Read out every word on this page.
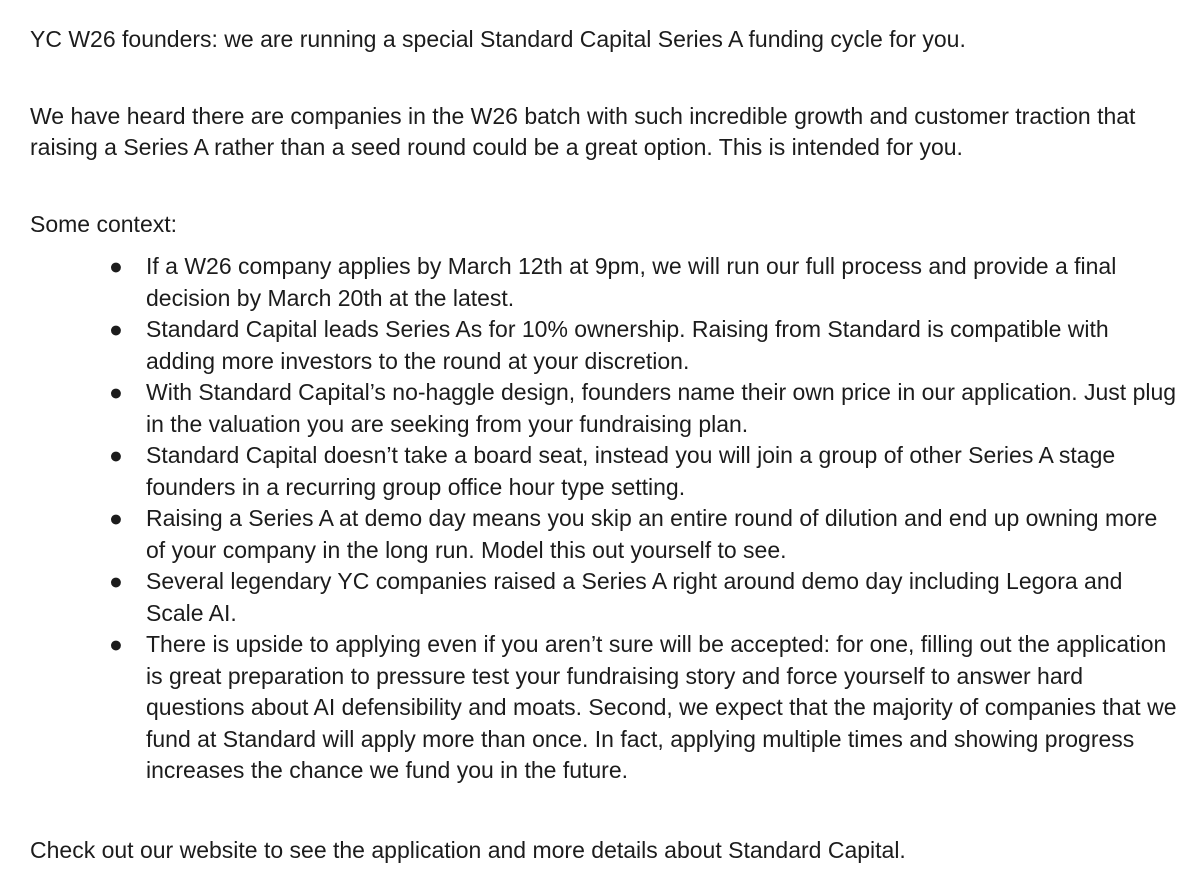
YC W26 founders: we are running a special Standard Capital Series A funding cycle for you.

We have heard there are companies in the W26 batch with such incredible growth and customer traction that raising a Series A rather than a seed round could be a great option. This is intended for you.

Some context:

● If a W26 company applies by March 12th at 9pm, we will run our full process and provide a final decision by March 20th at the latest.
● Standard Capital leads Series As for 10% ownership. Raising from Standard is compatible with adding more investors to the round at your discretion.
● With Standard Capital’s no-haggle design, founders name their own price in our application. Just plug in the valuation you are seeking from your fundraising plan.
● Standard Capital doesn’t take a board seat, instead you will join a group of other Series A stage founders in a recurring group office hour type setting.
● Raising a Series A at demo day means you skip an entire round of dilution and end up owning more of your company in the long run. Model this out yourself to see.
● Several legendary YC companies raised a Series A right around demo day including Legora and Scale AI.
● There is upside to applying even if you aren’t sure will be accepted: for one, filling out the application is great preparation to pressure test your fundraising story and force yourself to answer hard questions about AI defensibility and moats. Second, we expect that the majority of companies that we fund at Standard will apply more than once. In fact, applying multiple times and showing progress increases the chance we fund you in the future.

Check out our website to see the application and more details about Standard Capital.
